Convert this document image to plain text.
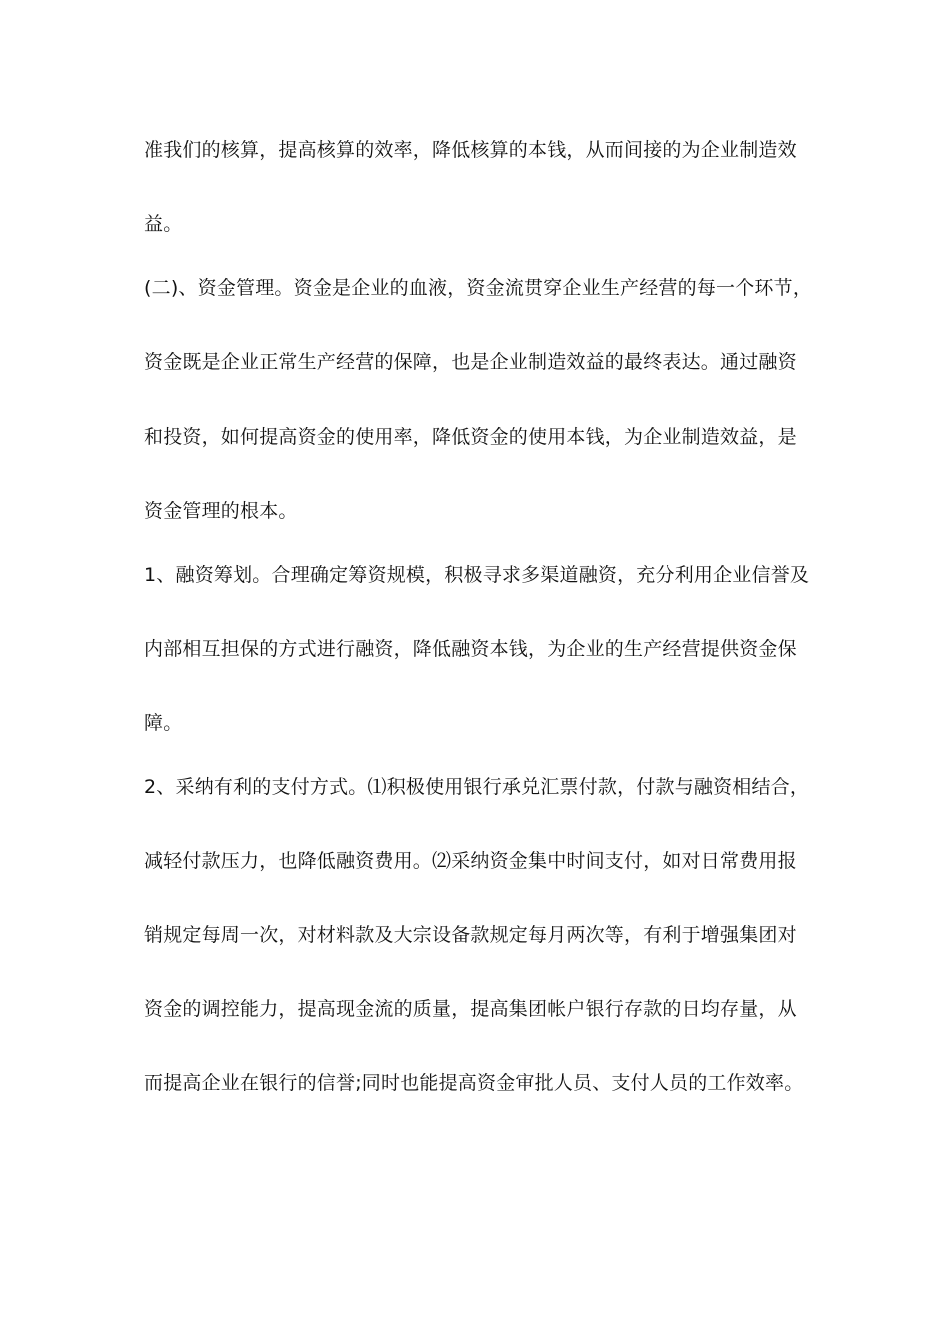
准我们的核算，提高核算的效率，降低核算的本钱，从而间接的为企业制造效
益。
(二)、资金管理。资金是企业的血液，资金流贯穿企业生产经营的每一个环节，
资金既是企业正常生产经营的保障，也是企业制造效益的最终表达。通过融资
和投资，如何提高资金的使用率，降低资金的使用本钱，为企业制造效益，是
资金管理的根本。
1、融资筹划。合理确定筹资规模，积极寻求多渠道融资，充分利用企业信誉及
内部相互担保的方式进行融资，降低融资本钱，为企业的生产经营提供资金保
障。
2、采纳有利的支付方式。⑴积极使用银行承兑汇票付款，付款与融资相结合，
减轻付款压力，也降低融资费用。⑵采纳资金集中时间支付，如对日常费用报
销规定每周一次，对材料款及大宗设备款规定每月两次等，有利于增强集团对
资金的调控能力，提高现金流的质量，提高集团帐户银行存款的日均存量，从
而提高企业在银行的信誉;同时也能提高资金审批人员、支付人员的工作效率。
